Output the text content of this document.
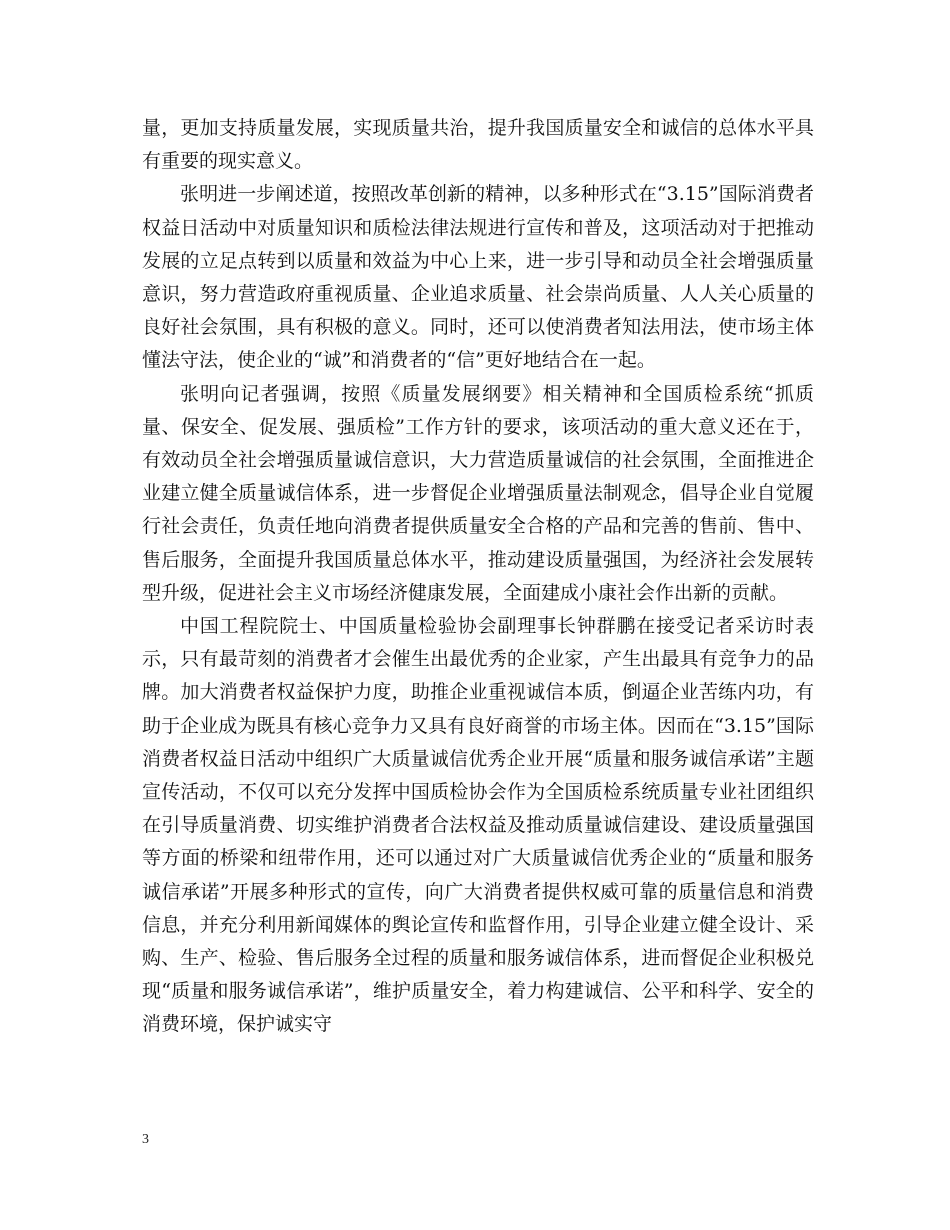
量，更加支持质量发展，实现质量共治，提升我国质量安全和诚信的总体水平具有重要的现实意义。

张明进一步阐述道，按照改革创新的精神，以多种形式在“3.15”国际消费者权益日活动中对质量知识和质检法律法规进行宣传和普及，这项活动对于把推动发展的立足点转到以质量和效益为中心上来，进一步引导和动员全社会增强质量意识，努力营造政府重视质量、企业追求质量、社会崇尚质量、人人关心质量的良好社会氛围，具有积极的意义。同时，还可以使消费者知法用法，使市场主体懂法守法，使企业的“诚”和消费者的“信”更好地结合在一起。

张明向记者强调，按照《质量发展纲要》相关精神和全国质检系统“抓质量、保安全、促发展、强质检”工作方针的要求，该项活动的重大意义还在于，有效动员全社会增强质量诚信意识，大力营造质量诚信的社会氛围，全面推进企业建立健全质量诚信体系，进一步督促企业增强质量法制观念，倡导企业自觉履行社会责任，负责任地向消费者提供质量安全合格的产品和完善的售前、售中、售后服务，全面提升我国质量总体水平，推动建设质量强国，为经济社会发展转型升级，促进社会主义市场经济健康发展，全面建成小康社会作出新的贡献。

中国工程院院士、中国质量检验协会副理事长钟群鹏在接受记者采访时表示，只有最苛刻的消费者才会催生出最优秀的企业家，产生出最具有竞争力的品牌。加大消费者权益保护力度，助推企业重视诚信本质，倒逼企业苦练内功，有助于企业成为既具有核心竞争力又具有良好商誉的市场主体。因而在“3.15”国际消费者权益日活动中组织广大质量诚信优秀企业开展“质量和服务诚信承诺”主题宣传活动，不仅可以充分发挥中国质检协会作为全国质检系统质量专业社团组织在引导质量消费、切实维护消费者合法权益及推动质量诚信建设、建设质量强国等方面的桥梁和纽带作用，还可以通过对广大质量诚信优秀企业的“质量和服务诚信承诺”开展多种形式的宣传，向广大消费者提供权威可靠的质量信息和消费信息，并充分利用新闻媒体的舆论宣传和监督作用，引导企业建立健全设计、采购、生产、检验、售后服务全过程的质量和服务诚信体系，进而督促企业积极兑现“质量和服务诚信承诺”，维护质量安全，着力构建诚信、公平和科学、安全的消费环境，保护诚实守

3
